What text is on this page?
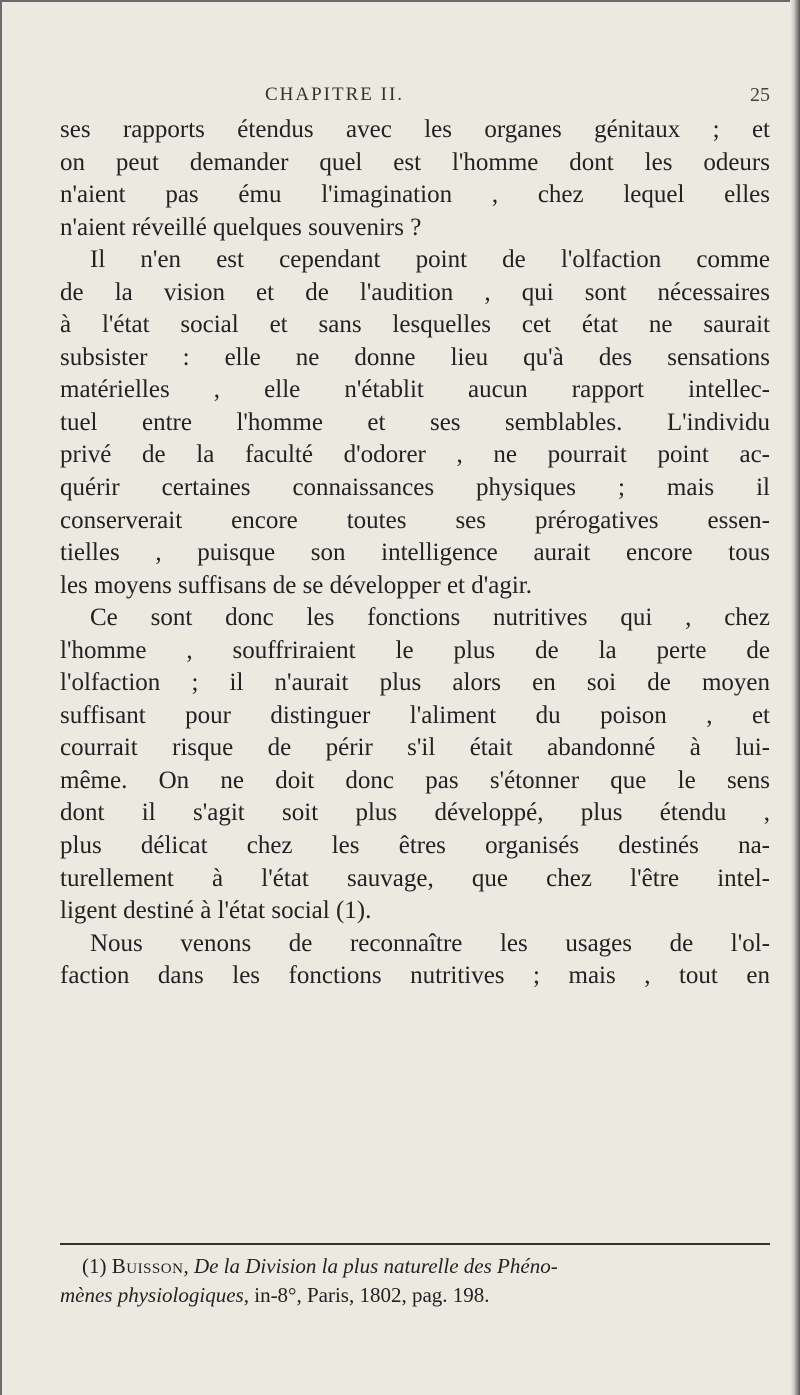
CHAPITRE II.	25
ses rapports étendus avec les organes génitaux ; et
on peut demander quel est l'homme dont les odeurs
n'aient pas ému l'imagination , chez lequel elles
n'aient réveillé quelques souvenirs ?
Il n'en est cependant point de l'olfaction comme
de la vision et de l'audition , qui sont nécessaires
à l'état social et sans lesquelles cet état ne saurait
subsister : elle ne donne lieu qu'à des sensations
matérielles , elle n'établit aucun rapport intellec-
tuel entre l'homme et ses semblables. L'individu
privé de la faculté d'odorer , ne pourrait point ac-
quérir certaines connaissances physiques ; mais il
conserverait encore toutes ses prérogatives essen-
tielles , puisque son intelligence aurait encore tous
les moyens suffisans de se développer et d'agir.
Ce sont donc les fonctions nutritives qui , chez
l'homme , souffriraient le plus de la perte de
l'olfaction ; il n'aurait plus alors en soi de moyen
suffisant pour distinguer l'aliment du poison , et
courrait risque de périr s'il était abandonné à lui-
même. On ne doit donc pas s'étonner que le sens
dont il s'agit soit plus développé, plus étendu ,
plus délicat chez les êtres organisés destinés na-
turellement à l'état sauvage, que chez l'être intel-
ligent destiné à l'état social (1).
Nous venons de reconnaître les usages de l'ol-
faction dans les fonctions nutritives ; mais , tout en
(1) Buisson, De la Division la plus naturelle des Phéno-
mènes physiologiques, in-8°, Paris, 1802, pag. 198.
